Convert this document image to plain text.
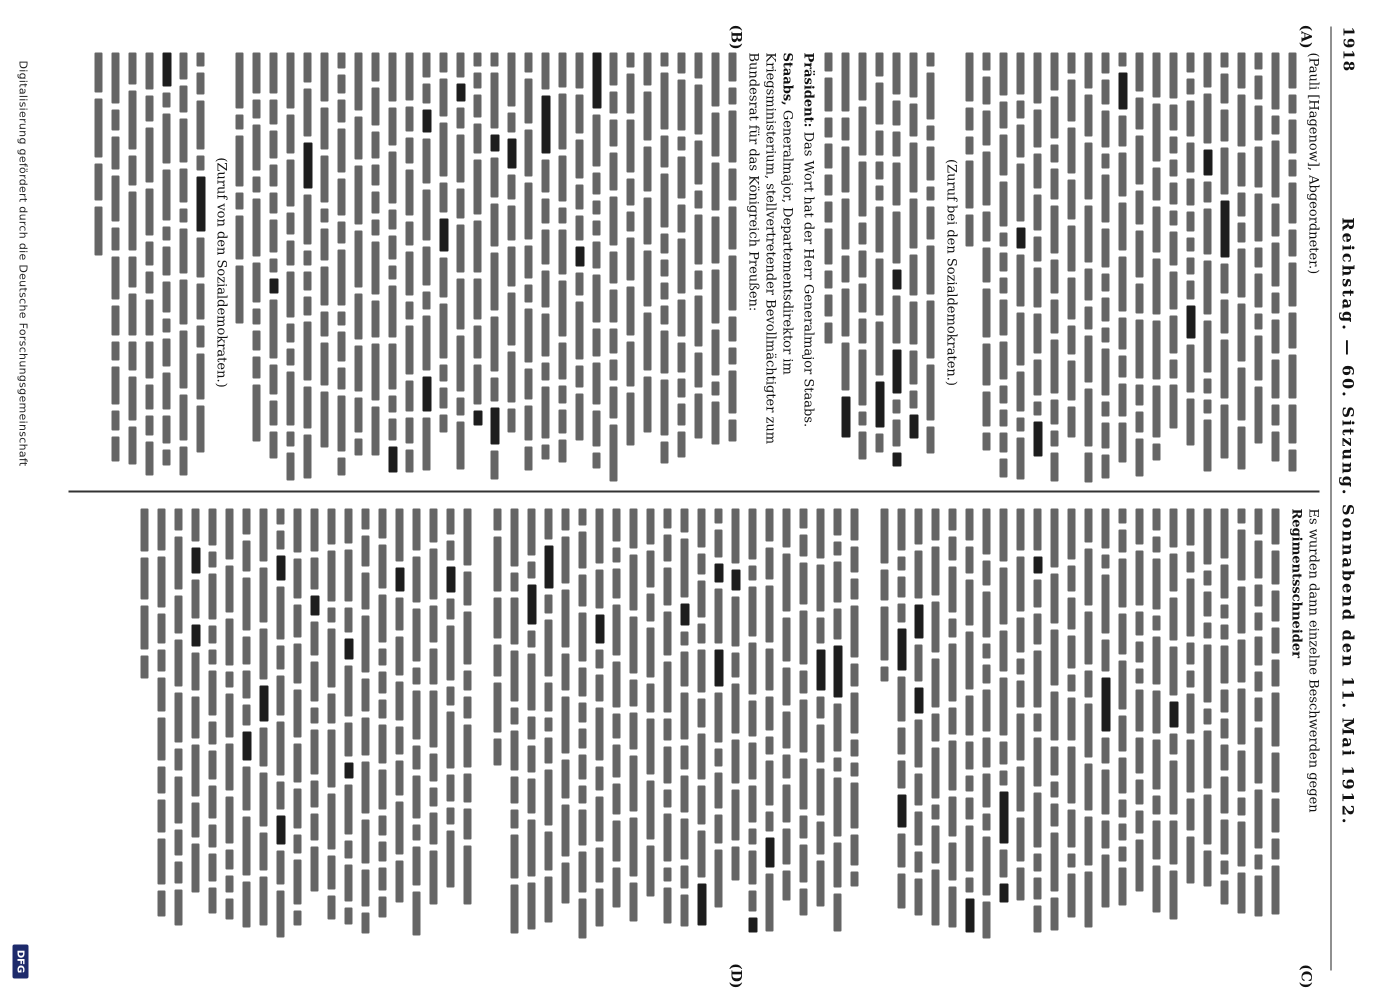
1918
Reichstag. — 60. Sitzung. Sonnabend den 11. Mai 1912.
(A)
(B)
(C)
(D)
(Pauli [Hagenow], Abgeordneter.)
(Zuruf bei den Sozialdemokraten.)
Präsident: Das Wort hat der Herr Generalmajor Staabs.
Staabs, Generalmajor, Departementsdirektor im Kriegsministerium, stellvertretender Bevollmächtigter zum Bundesrat für das Königreich Preußen:
(Zuruf von den Sozialdemokraten.)
Es wurden dann einzelne Beschwerden gegen Regimentsschneider
Digitalisierung gefördert durch die Deutsche Forschungsgemeinschaft
DFG
